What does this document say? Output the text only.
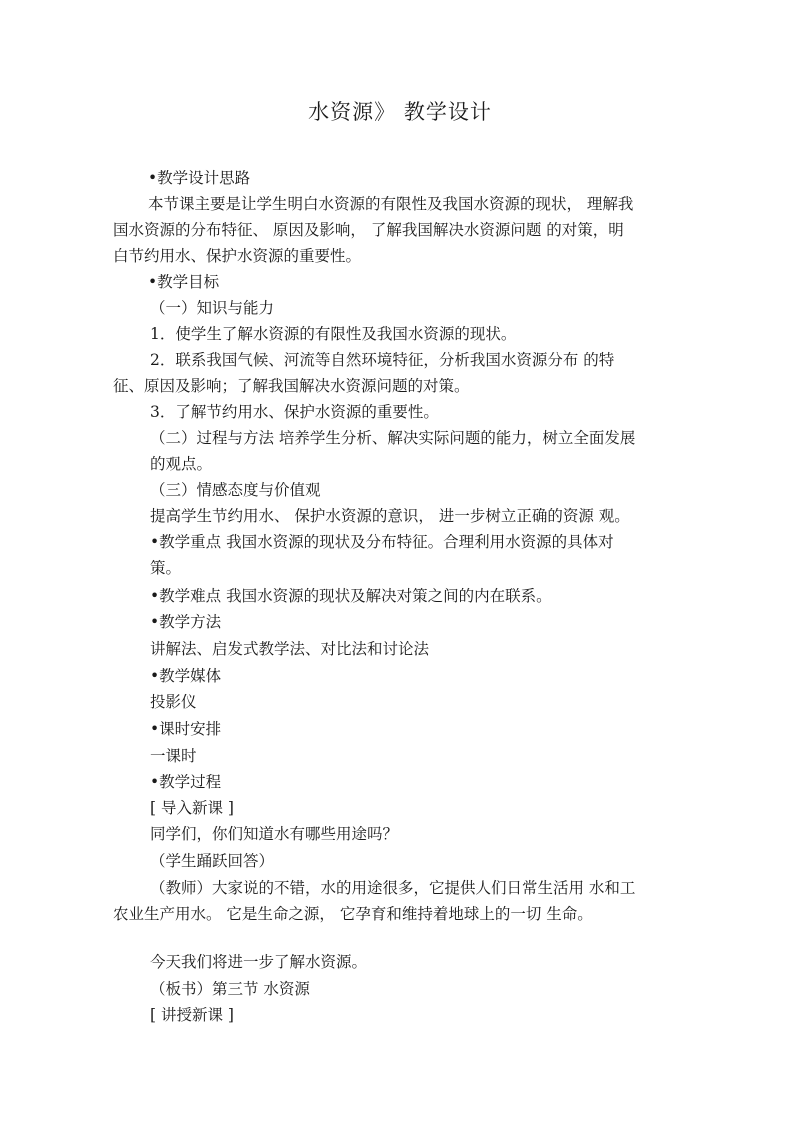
水资源》 教学设计

•教学设计思路

本节课主要是让学生明白水资源的有限性及我国水资源的现状， 理解我

国水资源的分布特征、 原因及影响， 了解我国解决水资源问题 的对策，明

白节约用水、保护水资源的重要性。

•教学目标

（一）知识与能力

1．使学生了解水资源的有限性及我国水资源的现状。

2．联系我国气候、河流等自然环境特征，分析我国水资源分布 的特

征、原因及影响；了解我国解决水资源问题的对策。

3．了解节约用水、保护水资源的重要性。

（二）过程与方法 培养学生分析、解决实际问题的能力，树立全面发展

的观点。

（三）情感态度与价值观

提高学生节约用水、 保护水资源的意识， 进一步树立正确的资源 观。

•教学重点 我国水资源的现状及分布特征。合理利用水资源的具体对

策。

•教学难点 我国水资源的现状及解决对策之间的内在联系。

•教学方法

讲解法、启发式教学法、对比法和讨论法

•教学媒体

投影仪

•课时安排

一课时

•教学过程

[ 导入新课 ]

同学们，你们知道水有哪些用途吗？

（学生踊跃回答）

（教师）大家说的不错，水的用途很多，它提供人们日常生活用 水和工

农业生产用水。 它是生命之源， 它孕育和维持着地球上的一切 生命。

今天我们将进一步了解水资源。

（板书）第三节 水资源

[ 讲授新课 ]
